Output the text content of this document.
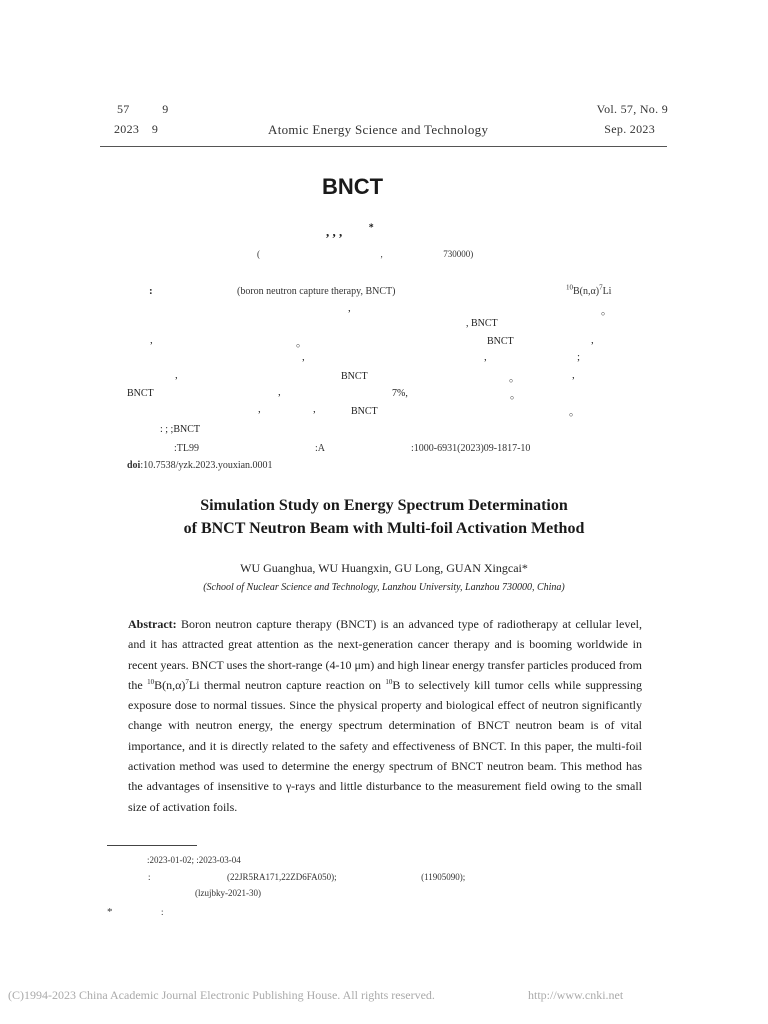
57	9
2023 9	Atomic Energy Science and Technology
Vol. 57, No. 9
Sep. 2023
BNCT
, , ,	*
(	,	730000)
:	(boron neutron capture therapy, BNCT)	$^{10}B(n,\alpha)^7Li$
,	。
, BNCT
,	。	BNCT	,
,	,	;
,	BNCT	。	,
BNCT	,	7%,	。
,	,	BNCT	。
: ; ;BNCT
:TL99	:A	:1000-6931(2023)09-1817-10
doi:10.7538/yzk.2023.youxian.0001
Simulation Study on Energy Spectrum Determination
of BNCT Neutron Beam with Multi-foil Activation Method
WU Guanghua, WU Huangxin, GU Long, GUAN Xingcai*
(School of Nuclear Science and Technology, Lanzhou University, Lanzhou 730000, China)
Abstract: Boron neutron capture therapy (BNCT) is an advanced type of radiotherapy at cellular level, and it has attracted great attention as the next-generation cancer therapy and is booming worldwide in recent years. BNCT uses the short-range (4-10 μm) and high linear energy transfer particles produced from the $^{10}B(n,\alpha)^7Li$ thermal neutron capture reaction on $^{10}$B to selectively kill tumor cells while suppressing exposure dose to normal tissues. Since the physical property and biological effect of neutron significantly change with neutron energy, the energy spectrum determination of BNCT neutron beam is of vital importance, and it is directly related to the safety and effectiveness of BNCT. In this paper, the multi-foil activation method was used to determine the energy spectrum of BNCT neutron beam. This method has the advantages of insensitive to γ-rays and little disturbance to the measurement field owing to the small size of activation foils.
:2023-01-02; :2023-03-04
:	(22JR5RA171,22ZD6FA050);	(11905090);
(lzujbky-2021-30)
*	:
(C)1994-2023 China Academic Journal Electronic Publishing House. All rights reserved.	http://www.cnki.net
